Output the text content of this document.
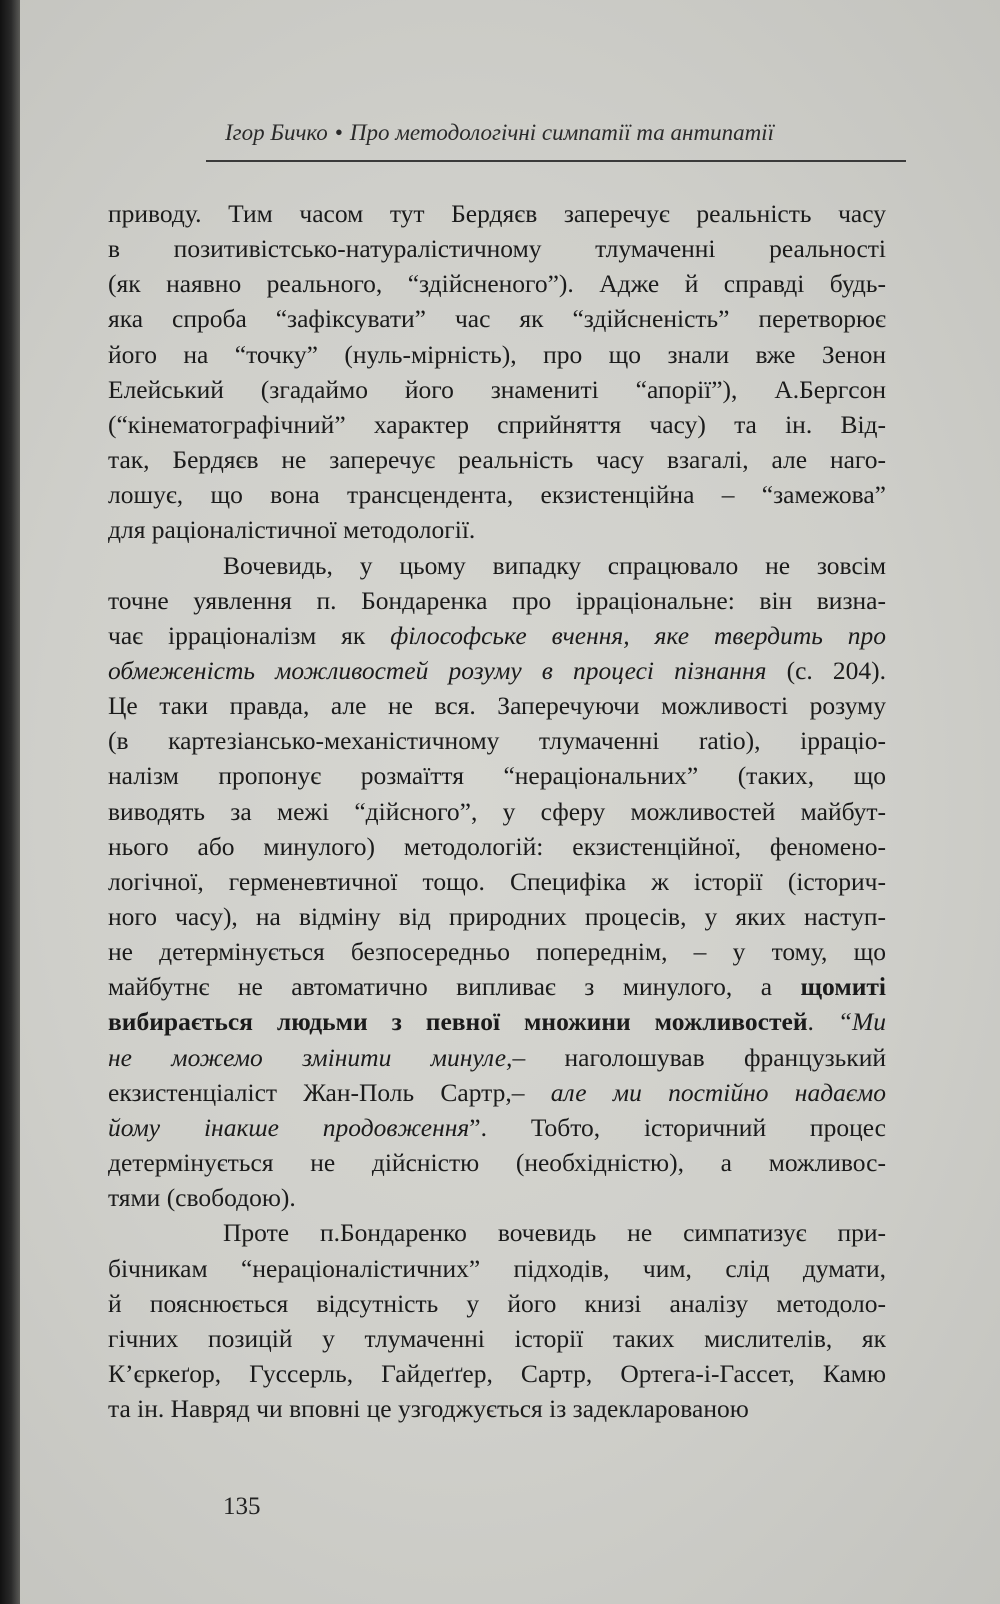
Ігор Бичко • Про методологічні симпатії та антипатії
приводу. Тим часом тут Бердяєв заперечує реальність часу
в позитивістсько-натуралістичному тлумаченні реальності
(як наявно реального, “здійсненого”). Адже й справді будь-
яка спроба “зафіксувати” час як “здійсненість” перетворює
його на “точку” (нуль-мірність), про що знали вже Зенон
Елейський (згадаймо його знамениті “апорії”), А.Бергсон
(“кінематографічний” характер сприйняття часу) та ін. Від-
так, Бердяєв не заперечує реальність часу взагалі, але наго-
лошує, що вона трансцендента, екзистенційна – “замежова”
для раціоналістичної методології.
Вочевидь, у цьому випадку спрацювало не зовсім
точне уявлення п. Бондаренка про ірраціональне: він визна-
чає ірраціоналізм як філософське вчення, яке твердить про
обмеженість можливостей розуму в процесі пізнання (с. 204).
Це таки правда, але не вся. Заперечуючи можливості розуму
(в картезіансько-механістичному тлумаченні ratio), ірраціо-
налізм пропонує розмаїття “нераціональних” (таких, що
виводять за межі “дійсного”, у сферу можливостей майбут-
нього або минулого) методологій: екзистенційної, феномено-
логічної, герменевтичної тощо. Специфіка ж історії (історич-
ного часу), на відміну від природних процесів, у яких наступ-
не детермінується безпосередньо попереднім, – у тому, що
майбутнє не автоматично випливає з минулого, а щомиті
вибирається людьми з певної множини можливостей. “Ми
не можемо змінити минуле,– наголошував французький
екзистенціаліст Жан-Поль Сартр,– але ми постійно надаємо
йому інакше продовження”. Тобто, історичний процес
детермінується не дійсністю (необхідністю), а можливос-
тями (свободою).
Проте п.Бондаренко вочевидь не симпатизує при-
бічникам “нераціоналістичних” підходів, чим, слід думати,
й пояснюється відсутність у його книзі аналізу методоло-
гічних позицій у тлумаченні історії таких мислителів, як
К’єркеґор, Гуссерль, Гайдеґґер, Сартр, Ортега-і-Гассет, Камю
та ін. Навряд чи вповні це узгоджується із задекларованою
135
